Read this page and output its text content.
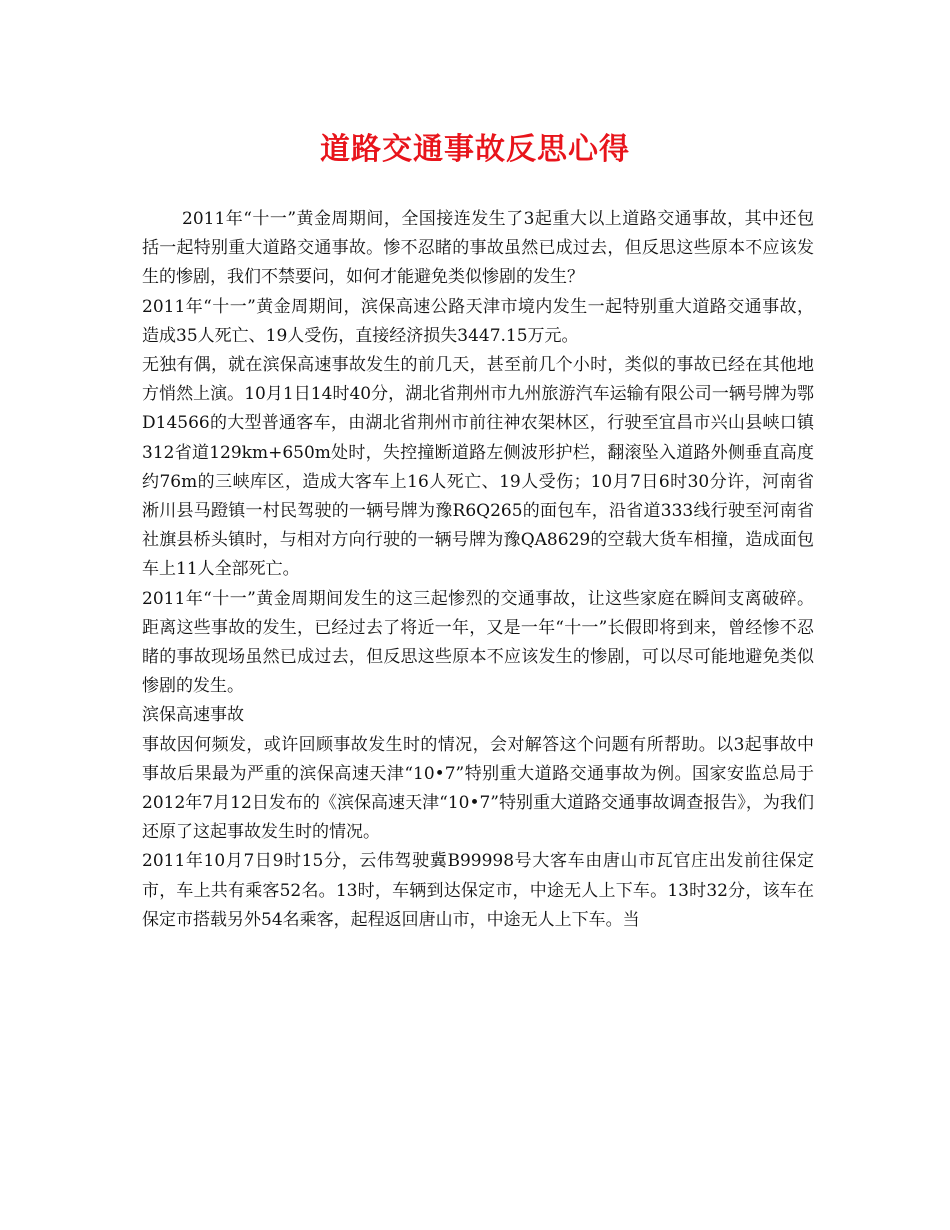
道路交通事故反思心得

2011年“十一”黄金周期间，全国接连发生了3起重大以上道路交通事故，其中还包括一起特别重大道路交通事故。惨不忍睹的事故虽然已成过去，但反思这些原本不应该发生的惨剧，我们不禁要问，如何才能避免类似惨剧的发生？

2011年“十一”黄金周期间，滨保高速公路天津市境内发生一起特别重大道路交通事故，造成35人死亡、19人受伤，直接经济损失3447.15万元。

无独有偶，就在滨保高速事故发生的前几天，甚至前几个小时，类似的事故已经在其他地方悄然上演。10月1日14时40分，湖北省荆州市九州旅游汽车运输有限公司一辆号牌为鄂D14566的大型普通客车，由湖北省荆州市前往神农架林区，行驶至宜昌市兴山县峡口镇312省道129km+650m处时，失控撞断道路左侧波形护栏，翻滚坠入道路外侧垂直高度约76m的三峡库区，造成大客车上16人死亡、19人受伤；10月7日6时30分许，河南省淅川县马蹬镇一村民驾驶的一辆号牌为豫R6Q265的面包车，沿省道333线行驶至河南省社旗县桥头镇时，与相对方向行驶的一辆号牌为豫QA8629的空载大货车相撞，造成面包车上11人全部死亡。

2011年“十一”黄金周期间发生的这三起惨烈的交通事故，让这些家庭在瞬间支离破碎。距离这些事故的发生，已经过去了将近一年，又是一年“十一”长假即将到来，曾经惨不忍睹的事故现场虽然已成过去，但反思这些原本不应该发生的惨剧，可以尽可能地避免类似惨剧的发生。

滨保高速事故

事故因何频发，或许回顾事故发生时的情况，会对解答这个问题有所帮助。以3起事故中事故后果最为严重的滨保高速天津“10•7”特别重大道路交通事故为例。国家安监总局于2012年7月12日发布的《滨保高速天津“10•7”特别重大道路交通事故调查报告》，为我们还原了这起事故发生时的情况。

2011年10月7日9时15分，云伟驾驶冀B99998号大客车由唐山市瓦官庄出发前往保定市，车上共有乘客52名。13时，车辆到达保定市，中途无人上下车。13时32分，该车在保定市搭载另外54名乘客，起程返回唐山市，中途无人上下车。当
